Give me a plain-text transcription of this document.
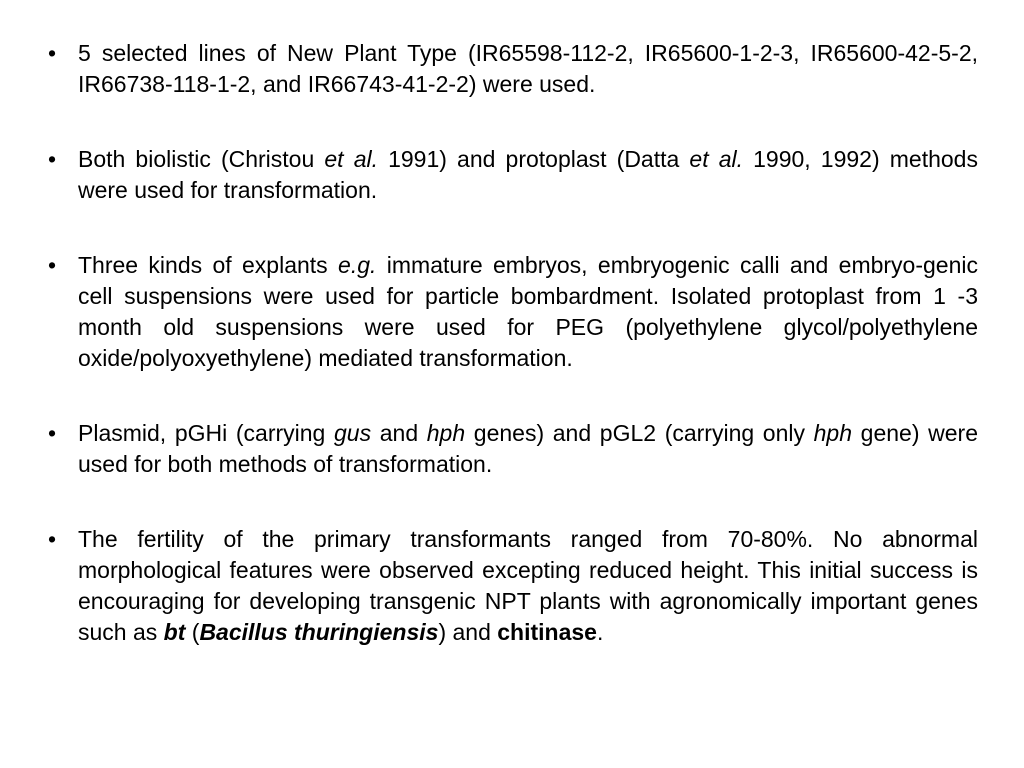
• 5 selected lines of New Plant Type (IR65598-112-2, IR65600-1-2-3, IR65600-42-5-2, IR66738-118-1-2, and IR66743-41-2-2) were used.
• Both biolistic (Christou et al. 1991) and protoplast (Datta et al. 1990, 1992) methods were used for transformation.
• Three kinds of explants e.g. immature embryos, embryogenic calli and embryo-genic cell suspensions were used for particle bombardment. Isolated protoplast from 1 -3 month old suspensions were used for PEG (polyethylene glycol/polyethylene oxide/polyoxyethylene) mediated transformation.
• Plasmid, pGHi (carrying gus and hph genes) and pGL2 (carrying only hph gene) were used for both methods of transformation.
• The fertility of the primary transformants ranged from 70-80%. No abnormal morphological features were observed excepting reduced height. This initial success is encouraging for developing transgenic NPT plants with agronomically important genes such as bt (Bacillus thuringiensis) and chitinase.
